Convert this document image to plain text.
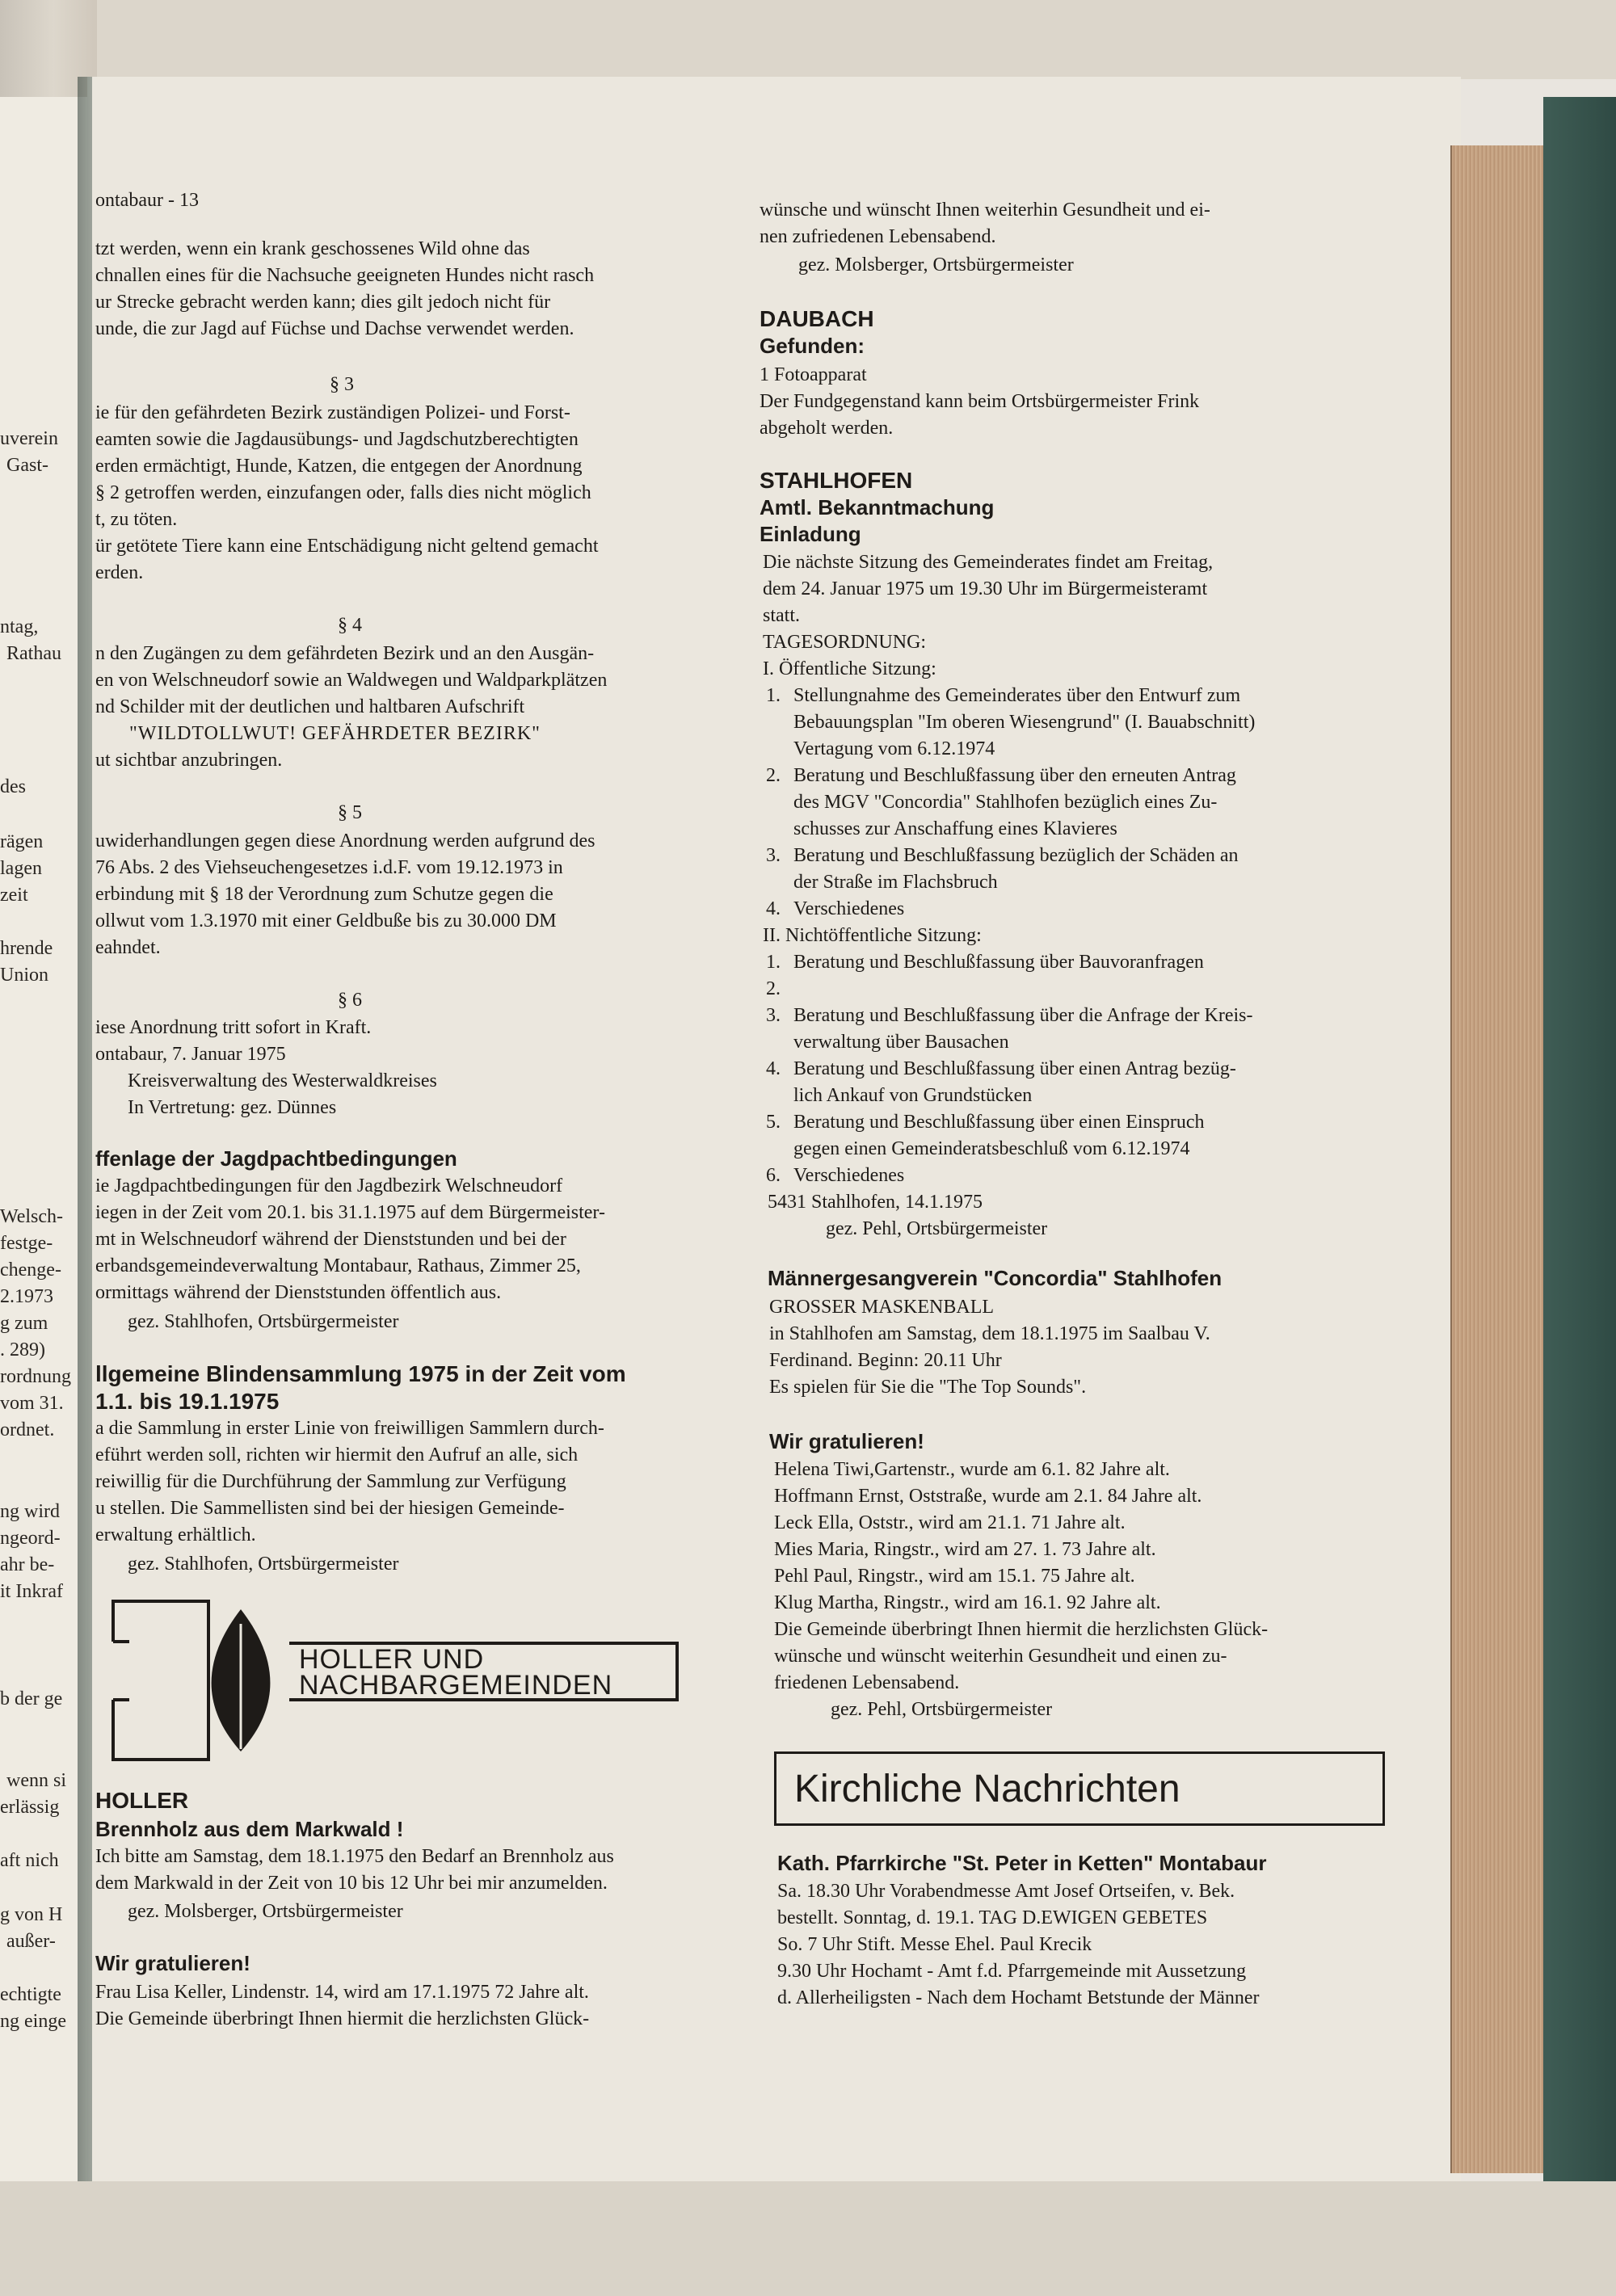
uverein
Gast-
ntag,
Rathau
des
rägen
lagen
zeit
hrende
Union
Welsch-
festge-
chenge-
2.1973
g zum
. 289)
rordnung
vom 31.
ordnet.
ng wird
ngeord-
ahr be-
it Inkraf
b der ge
wenn si
erlässig
aft nich
g von H
außer-
echtigte
ng einge
ontabaur - 13
tzt werden, wenn ein krank geschossenes Wild ohne das
chnallen eines für die Nachsuche geeigneten Hundes nicht rasch
ur Strecke gebracht werden kann; dies gilt jedoch nicht für
unde, die zur Jagd auf Füchse und Dachse verwendet werden.
§ 3
ie für den gefährdeten Bezirk zuständigen Polizei- und Forst-
eamten sowie die Jagdausübungs- und Jagdschutzberechtigten
erden ermächtigt, Hunde, Katzen, die entgegen der Anordnung
§ 2 getroffen werden, einzufangen oder, falls dies nicht möglich
t, zu töten.
ür getötete Tiere kann eine Entschädigung nicht geltend gemacht
erden.
§ 4
n den Zugängen zu dem gefährdeten Bezirk und an den Ausgän-
en von Welschneudorf sowie an Waldwegen und Waldparkplätzen
nd Schilder mit der deutlichen und haltbaren Aufschrift
"WILDTOLLWUT! GEFÄHRDETER BEZIRK"
ut sichtbar anzubringen.
§ 5
uwiderhandlungen gegen diese Anordnung werden aufgrund des
76 Abs. 2 des Viehseuchengesetzes i.d.F. vom 19.12.1973 in
erbindung mit § 18 der Verordnung zum Schutze gegen die
ollwut vom 1.3.1970 mit einer Geldbuße bis zu 30.000 DM
eahndet.
§ 6
iese Anordnung tritt sofort in Kraft.
ontabaur, 7. Januar 1975
Kreisverwaltung des Westerwaldkreises
In Vertretung: gez. Dünnes
ffenlage der Jagdpachtbedingungen
ie Jagdpachtbedingungen für den Jagdbezirk Welschneudorf
iegen in der Zeit vom 20.1. bis 31.1.1975 auf dem Bürgermeister-
mt in Welschneudorf während der Dienststunden und bei der
erbandsgemeindeverwaltung Montabaur, Rathaus, Zimmer 25,
ormittags während der Dienststunden öffentlich aus.
gez. Stahlhofen, Ortsbürgermeister
llgemeine Blindensammlung 1975 in der Zeit vom
1.1. bis 19.1.1975
a die Sammlung in erster Linie von freiwilligen Sammlern durch-
eführt werden soll, richten wir hiermit den Aufruf an alle, sich
reiwillig für die Durchführung der Sammlung zur Verfügung
u stellen. Die Sammellisten sind bei der hiesigen Gemeinde-
erwaltung erhältlich.
gez. Stahlhofen, Ortsbürgermeister
HOLLER UND
NACHBARGEMEINDEN
HOLLER
Brennholz aus dem Markwald !
Ich bitte am Samstag, dem 18.1.1975 den Bedarf an Brennholz aus
dem Markwald in der Zeit von 10 bis 12 Uhr bei mir anzumelden.
gez. Molsberger, Ortsbürgermeister
Wir gratulieren!
Frau Lisa Keller, Lindenstr. 14, wird am 17.1.1975 72 Jahre alt.
Die Gemeinde überbringt Ihnen hiermit die herzlichsten Glück-
wünsche und wünscht Ihnen weiterhin Gesundheit und ei-
nen zufriedenen Lebensabend.
gez. Molsberger, Ortsbürgermeister
DAUBACH
Gefunden:
1 Fotoapparat
Der Fundgegenstand kann beim Ortsbürgermeister Frink
abgeholt werden.
STAHLHOFEN
Amtl. Bekanntmachung
Einladung
Die nächste Sitzung des Gemeinderates findet am Freitag,
dem 24. Januar 1975 um 19.30 Uhr im Bürgermeisteramt
statt.
TAGESORDNUNG:
I. Öffentliche Sitzung:
1. Stellungnahme des Gemeinderates über den Entwurf zum
Bebauungsplan "Im oberen Wiesengrund" (I. Bauabschnitt)
Vertagung vom 6.12.1974
2. Beratung und Beschlußfassung über den erneuten Antrag
des MGV "Concordia" Stahlhofen bezüglich eines Zu-
schusses zur Anschaffung eines Klavieres
3. Beratung und Beschlußfassung bezüglich der Schäden an
der Straße im Flachsbruch
4. Verschiedenes
II. Nichtöffentliche Sitzung:
1. Beratung und Beschlußfassung über Bauvoranfragen
2.
3. Beratung und Beschlußfassung über die Anfrage der Kreis-
verwaltung über Bausachen
4. Beratung und Beschlußfassung über einen Antrag bezüg-
lich Ankauf von Grundstücken
5. Beratung und Beschlußfassung über einen Einspruch
gegen einen Gemeinderatsbeschluß vom 6.12.1974
6. Verschiedenes
5431 Stahlhofen, 14.1.1975
gez. Pehl, Ortsbürgermeister
Männergesangverein "Concordia" Stahlhofen
GROSSER MASKENBALL
in Stahlhofen am Samstag, dem 18.1.1975 im Saalbau V.
Ferdinand. Beginn: 20.11 Uhr
Es spielen für Sie die "The Top Sounds".
Wir gratulieren!
Helena Tiwi,Gartenstr., wurde am 6.1. 82 Jahre alt.
Hoffmann Ernst, Oststraße, wurde am 2.1. 84 Jahre alt.
Leck Ella, Oststr., wird am 21.1. 71 Jahre alt.
Mies Maria, Ringstr., wird am 27. 1. 73 Jahre alt.
Pehl Paul, Ringstr., wird am 15.1. 75 Jahre alt.
Klug Martha, Ringstr., wird am 16.1. 92 Jahre alt.
Die Gemeinde überbringt Ihnen hiermit die herzlichsten Glück-
wünsche und wünscht weiterhin Gesundheit und einen zu-
friedenen Lebensabend.
gez. Pehl, Ortsbürgermeister
Kirchliche Nachrichten
Kath. Pfarrkirche "St. Peter in Ketten" Montabaur
Sa. 18.30 Uhr Vorabendmesse Amt Josef Ortseifen, v. Bek.
bestellt. Sonntag, d. 19.1. TAG D.EWIGEN GEBETES
So. 7 Uhr Stift. Messe Ehel. Paul Krecik
9.30 Uhr Hochamt - Amt f.d. Pfarrgemeinde mit Aussetzung
d. Allerheiligsten - Nach dem Hochamt Betstunde der Männer
